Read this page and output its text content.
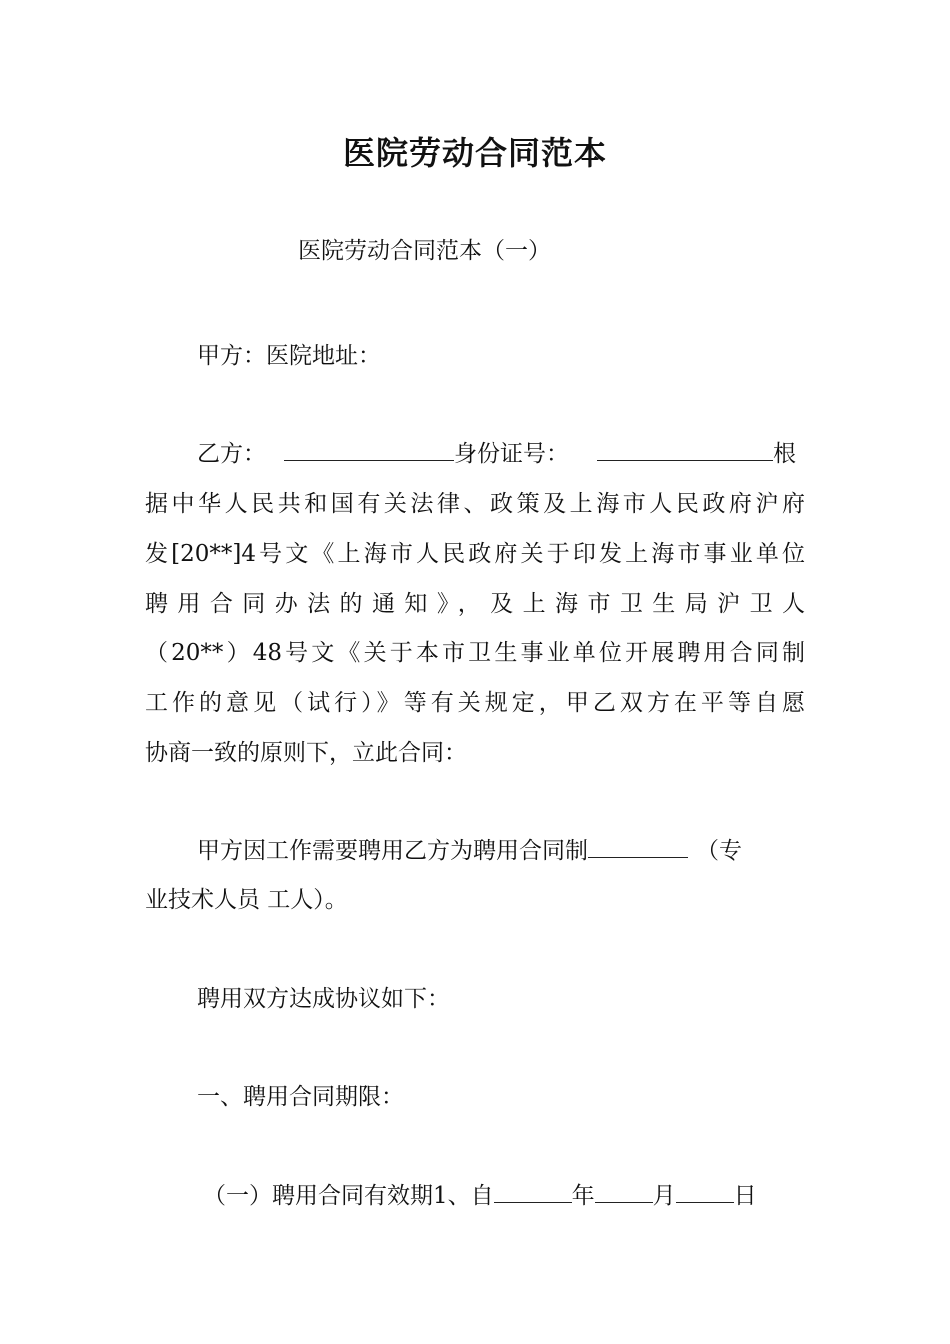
医院劳动合同范本
医院劳动合同范本（一）
甲方：医院地址：
乙方：	身份证号：	根
据中华人民共和国有关法律、政策及上海市人民政府沪府
发[20**]4号文《上海市人民政府关于印发上海市事业单位
聘用合同办法的通知》，及上海市卫生局沪卫人
（20**）48号文《关于本市卫生事业单位开展聘用合同制
工作的意见（试行）》等有关规定，甲乙双方在平等自愿
协商一致的原则下，立此合同：
甲方因工作需要聘用乙方为聘用合同制	（专
业技术人员 工人）。
聘用双方达成协议如下：
一、聘用合同期限：
（一）聘用合同有效期1、自	年	月	日
